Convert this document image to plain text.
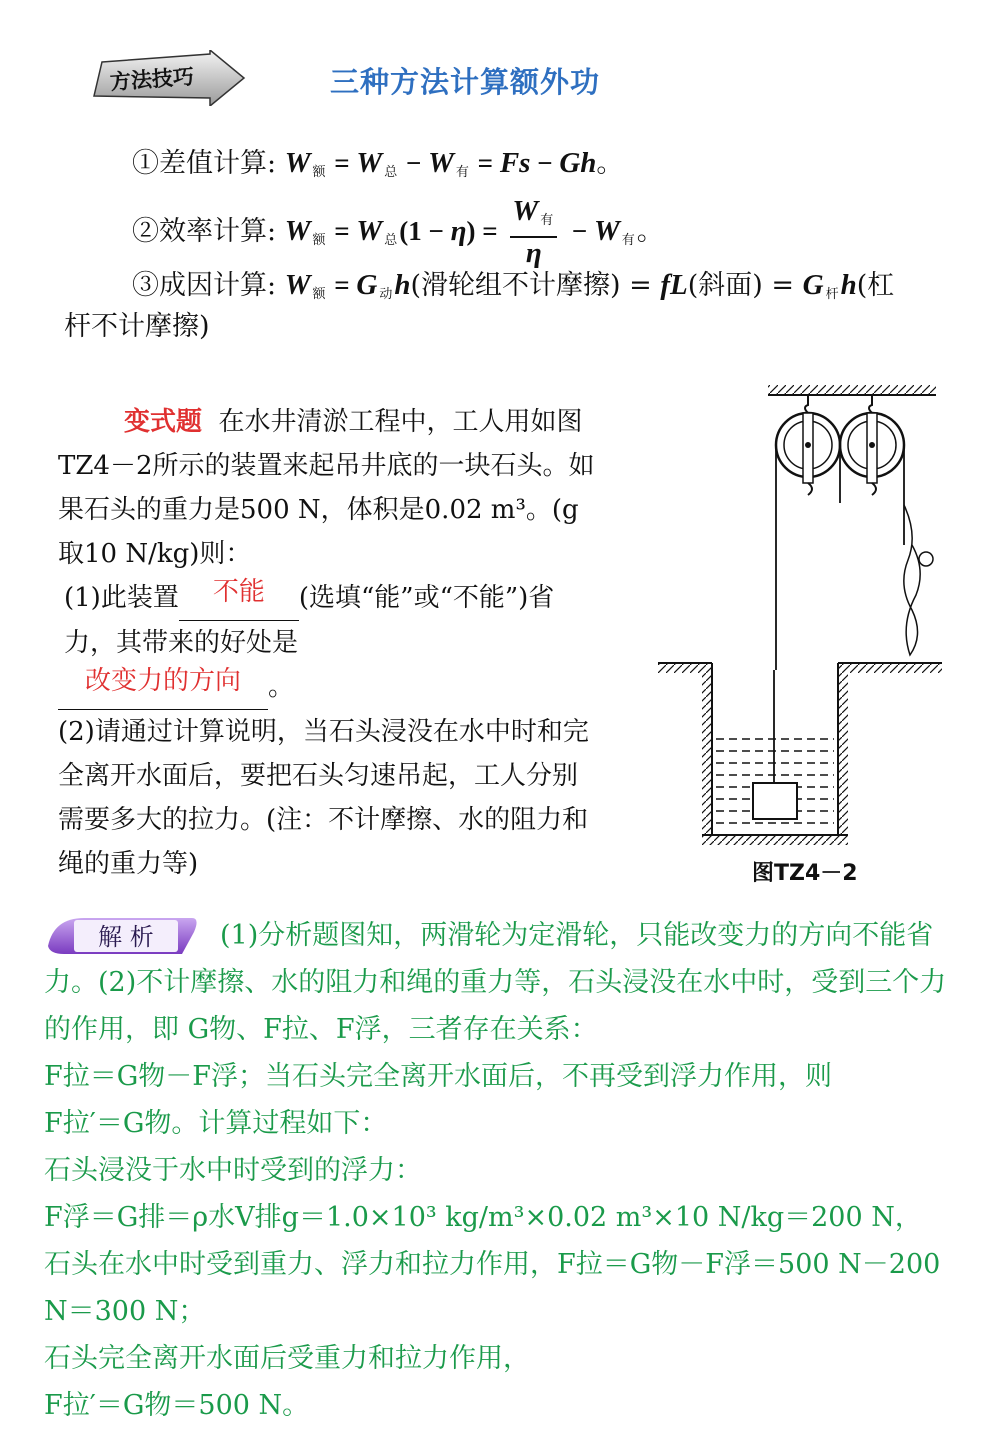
方法技巧	三种方法计算额外功
①差值计算: W $_额$ = W $_总$ − W $_有$ = Fs − Gh。
②效率计算: W $_额$ = W $_总(1 - \eta) = \frac{W _有}{\eta} - W$ $_有$。
③成因计算: W $_额$ = G $_动$h(滑轮组不计摩擦) = fL(斜面) = G $_杆$h(杠
杆不计摩擦)

变式题 在水井清淤工程中，工人用如图TZ4－2所示的装置来起吊井底的一块石头。如果石头的重力是500 N，体积是0.02 m³。(g取10 N/kg)则：

(1)此装置 不能 (选填“能”或“不能”)省力，其带来的好处是

改变力的方向 。

(2)请通过计算说明，当石头浸没在水中时和完全离开水面后，要把石头匀速吊起，工人分别需要多大的拉力。(注：不计摩擦、水的阻力和绳的重力等)	图TZ4－2
解 析	(1)分析题图知，两滑轮为定滑轮，只能改变力的方向不能省力。(2)不计摩擦、水的阻力和绳的重力等，石头浸没在水中时，受到三个力的作用，即 G物、F拉、F浮，三者存在关系：

F拉＝G物－F浮；当石头完全离开水面后，不再受到浮力作用，则

F拉′＝G物。计算过程如下：

石头浸没于水中时受到的浮力：

F浮＝G排＝ρ水V排g＝1.0×10³ kg/m³×0.02 m³×10 N/kg＝200 N，

石头在水中时受到重力、浮力和拉力作用，F拉＝G物－F浮＝500 N－200 N＝300 N；

石头完全离开水面后受重力和拉力作用，

F拉′＝G物＝500 N。
